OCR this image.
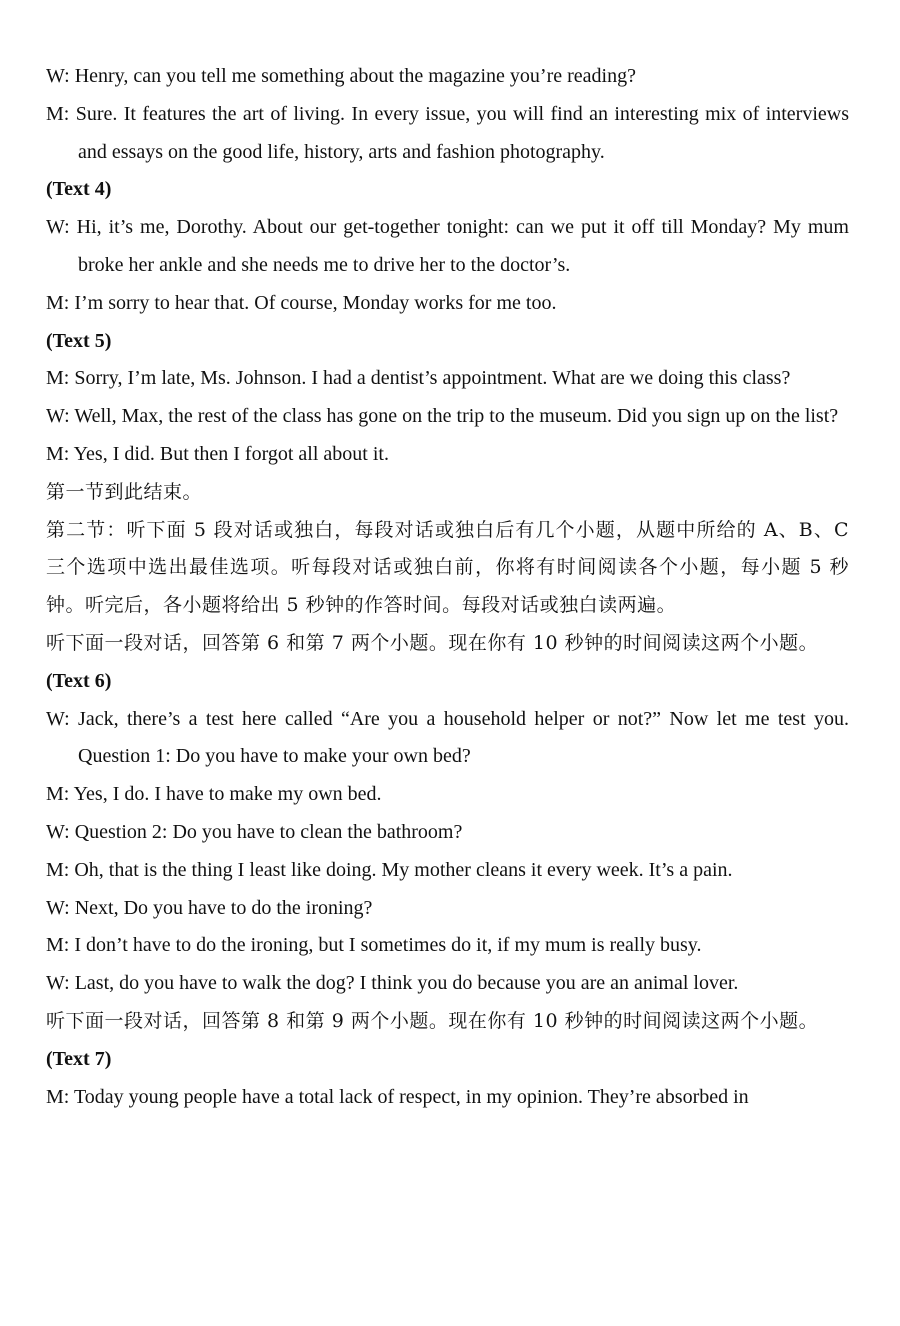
W: Henry, can you tell me something about the magazine you’re reading?

M: Sure. It features the art of living. In every issue, you will find an interesting mix of interviews and essays on the good life, history, arts and fashion photography.

(Text 4)

W: Hi, it’s me, Dorothy. About our get-together tonight: can we put it off till Monday? My mum broke her ankle and she needs me to drive her to the doctor’s.

M: I’m sorry to hear that. Of course, Monday works for me too.

(Text 5)

M: Sorry, I’m late, Ms. Johnson. I had a dentist’s appointment. What are we doing this class?

W: Well, Max, the rest of the class has gone on the trip to the museum. Did you sign up on the list?

M: Yes, I did. But then I forgot all about it.

第一节到此结束。

第二节：听下面 5 段对话或独白，每段对话或独白后有几个小题，从题中所给的 A、B、C 三个选项中选出最佳选项。听每段对话或独白前，你将有时间阅读各个小题，每小题 5 秒钟。听完后，各小题将给出 5 秒钟的作答时间。每段对话或独白读两遍。

听下面一段对话，回答第 6 和第 7 两个小题。现在你有 10 秒钟的时间阅读这两个小题。

(Text 6)

W: Jack, there’s a test here called “Are you a household helper or not?” Now let me test you. Question 1: Do you have to make your own bed?

M: Yes, I do. I have to make my own bed.

W: Question 2: Do you have to clean the bathroom?

M: Oh, that is the thing I least like doing. My mother cleans it every week. It’s a pain.

W: Next, Do you have to do the ironing?

M: I don’t have to do the ironing, but I sometimes do it, if my mum is really busy.

W: Last, do you have to walk the dog? I think you do because you are an animal lover.

听下面一段对话，回答第 8 和第 9 两个小题。现在你有 10 秒钟的时间阅读这两个小题。

(Text 7)

M: Today young people have a total lack of respect, in my opinion. They’re absorbed in
